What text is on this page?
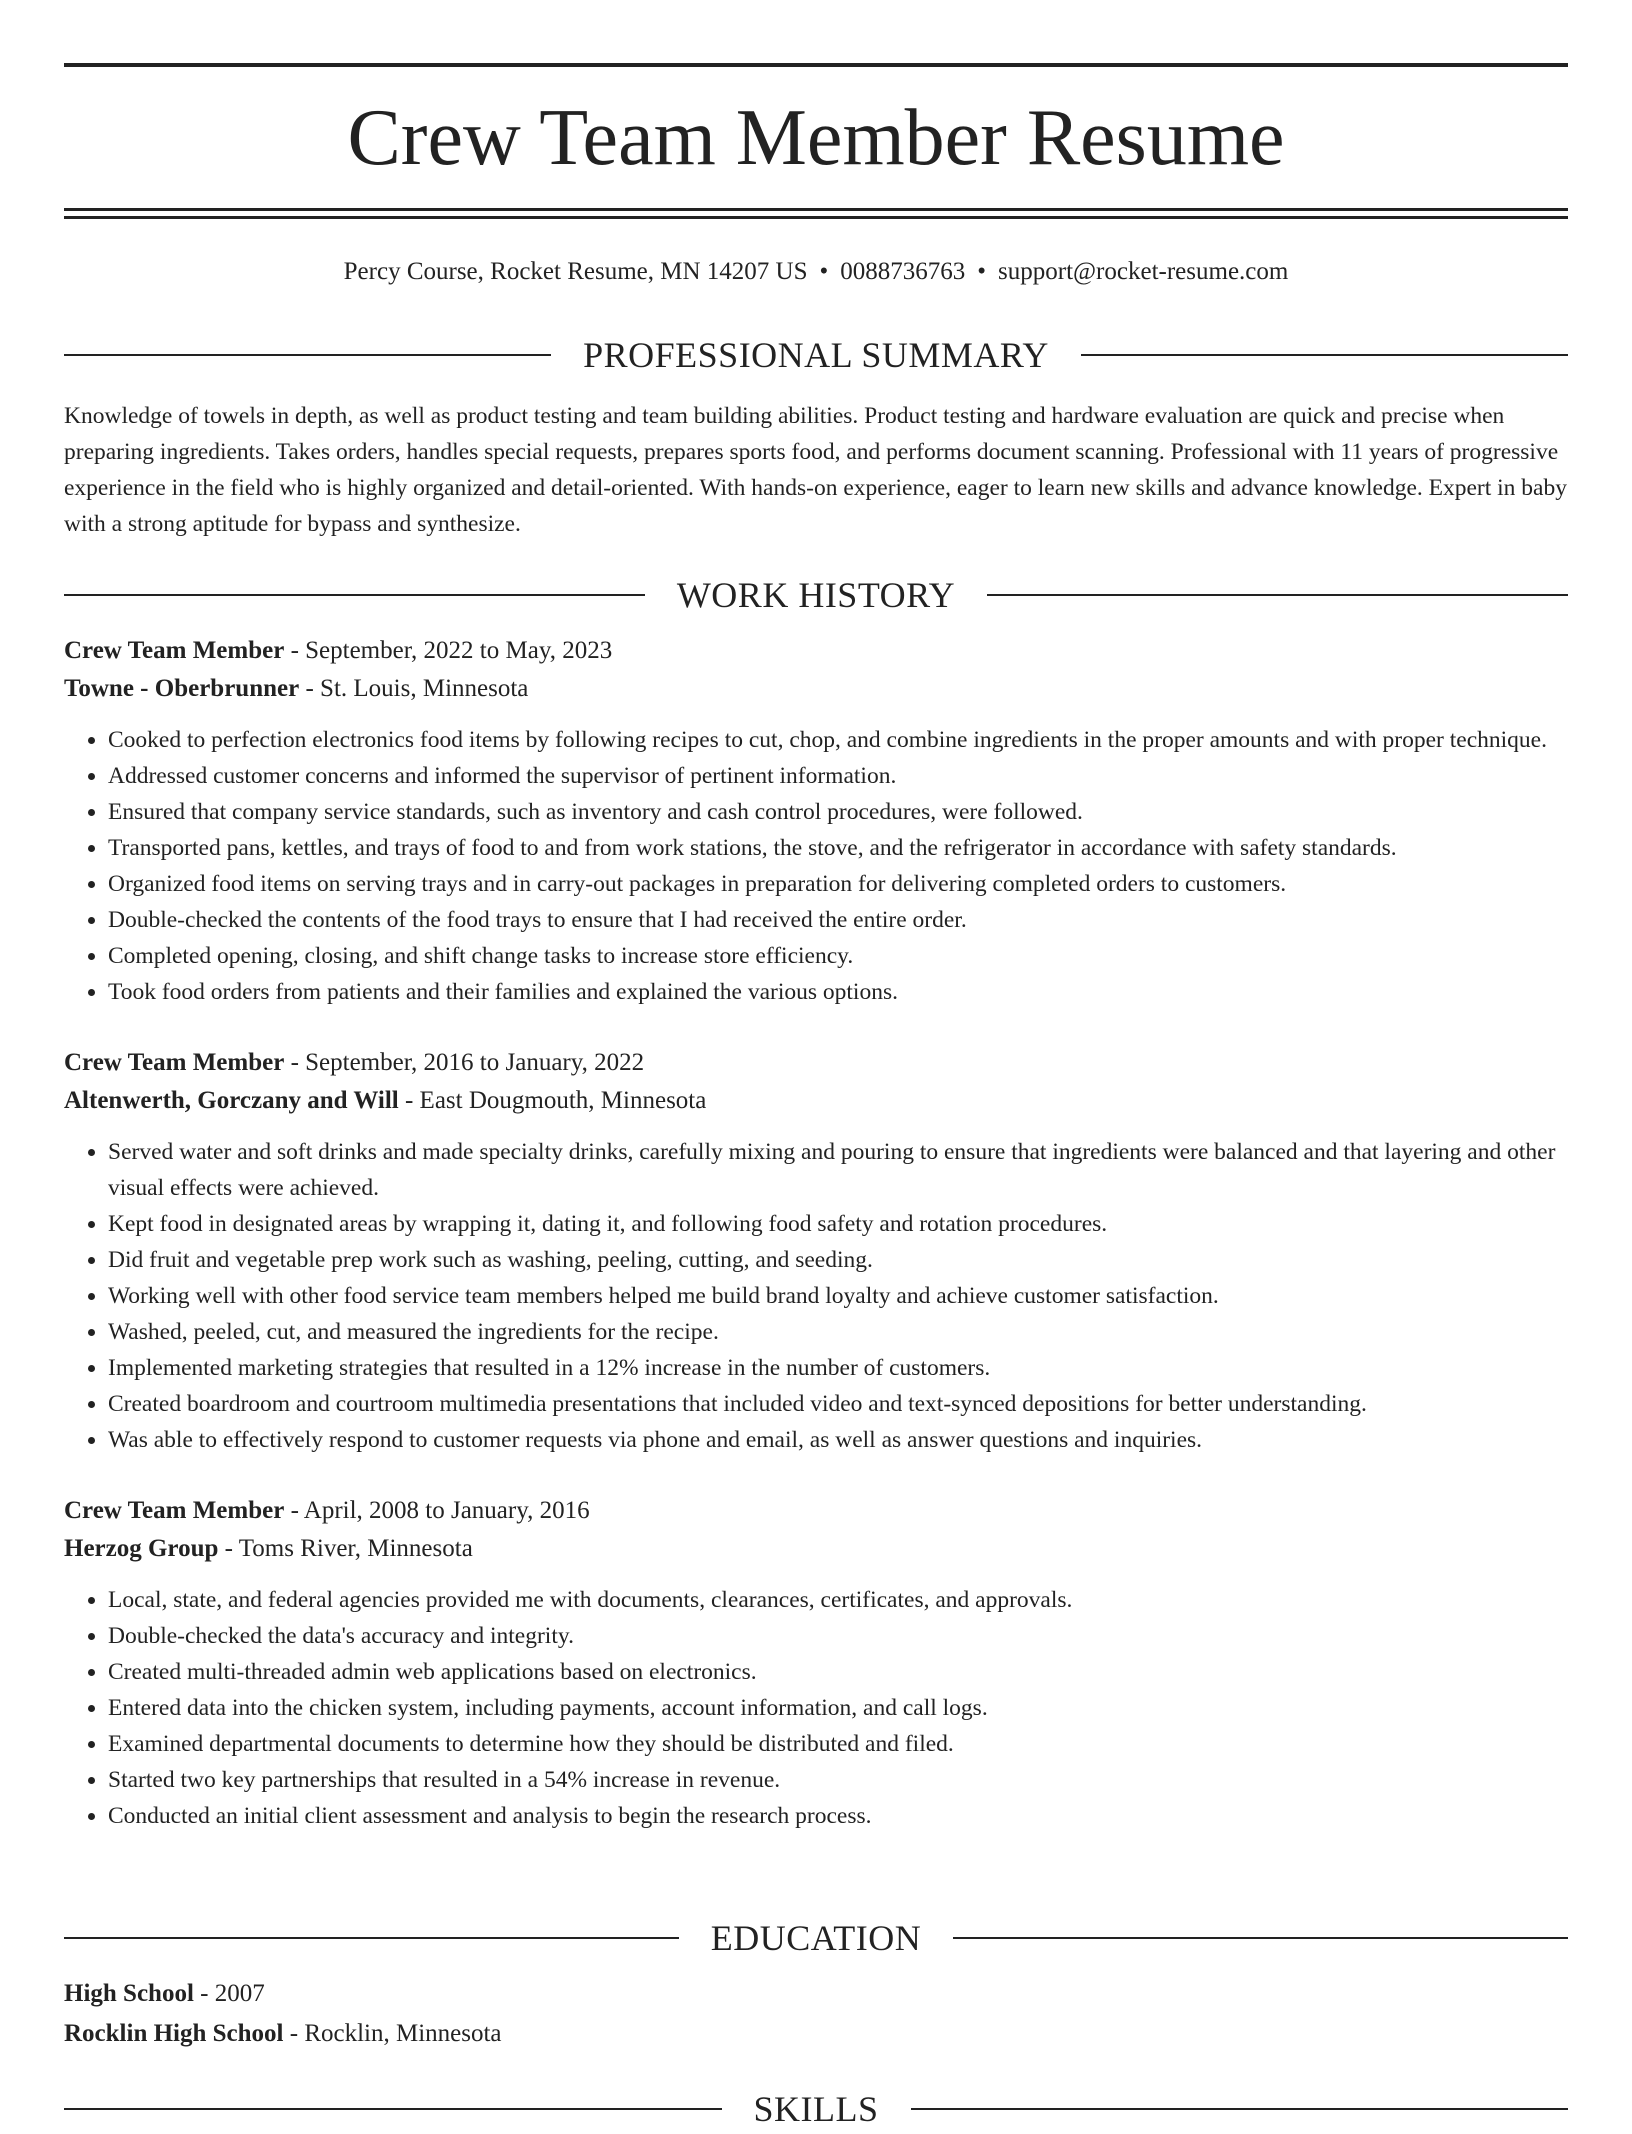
Crew Team Member Resume
Percy Course, Rocket Resume, MN 14207 US • 0088736763 • support@rocket-resume.com
PROFESSIONAL SUMMARY

Knowledge of towels in depth, as well as product testing and team building abilities. Product testing and hardware evaluation are quick and precise when preparing ingredients. Takes orders, handles special requests, prepares sports food, and performs document scanning. Professional with 11 years of progressive experience in the field who is highly organized and detail-oriented. With hands-on experience, eager to learn new skills and advance knowledge. Expert in baby with a strong aptitude for bypass and synthesize.

WORK HISTORY

Crew Team Member - September, 2022 to May, 2023

Towne - Oberbrunner - St. Louis, Minnesota

• Cooked to perfection electronics food items by following recipes to cut, chop, and combine ingredients in the proper amounts and with proper technique.
• Addressed customer concerns and informed the supervisor of pertinent information.
• Ensured that company service standards, such as inventory and cash control procedures, were followed.
• Transported pans, kettles, and trays of food to and from work stations, the stove, and the refrigerator in accordance with safety standards.
• Organized food items on serving trays and in carry-out packages in preparation for delivering completed orders to customers.
• Double-checked the contents of the food trays to ensure that I had received the entire order.
• Completed opening, closing, and shift change tasks to increase store efficiency.
• Took food orders from patients and their families and explained the various options.

Crew Team Member - September, 2016 to January, 2022

Altenwerth, Gorczany and Will - East Dougmouth, Minnesota

• Served water and soft drinks and made specialty drinks, carefully mixing and pouring to ensure that ingredients were balanced and that layering and other visual effects were achieved.
• Kept food in designated areas by wrapping it, dating it, and following food safety and rotation procedures.
• Did fruit and vegetable prep work such as washing, peeling, cutting, and seeding.
• Working well with other food service team members helped me build brand loyalty and achieve customer satisfaction.
• Washed, peeled, cut, and measured the ingredients for the recipe.
• Implemented marketing strategies that resulted in a 12% increase in the number of customers.
• Created boardroom and courtroom multimedia presentations that included video and text-synced depositions for better understanding.
• Was able to effectively respond to customer requests via phone and email, as well as answer questions and inquiries.

Crew Team Member - April, 2008 to January, 2016

Herzog Group - Toms River, Minnesota

• Local, state, and federal agencies provided me with documents, clearances, certificates, and approvals.
• Double-checked the data's accuracy and integrity.
• Created multi-threaded admin web applications based on electronics.
• Entered data into the chicken system, including payments, account information, and call logs.
• Examined departmental documents to determine how they should be distributed and filed.
• Started two key partnerships that resulted in a 54% increase in revenue.
• Conducted an initial client assessment and analysis to begin the research process.
EDUCATION

High School - 2007

Rocklin High School - Rocklin, Minnesota

SKILLS
